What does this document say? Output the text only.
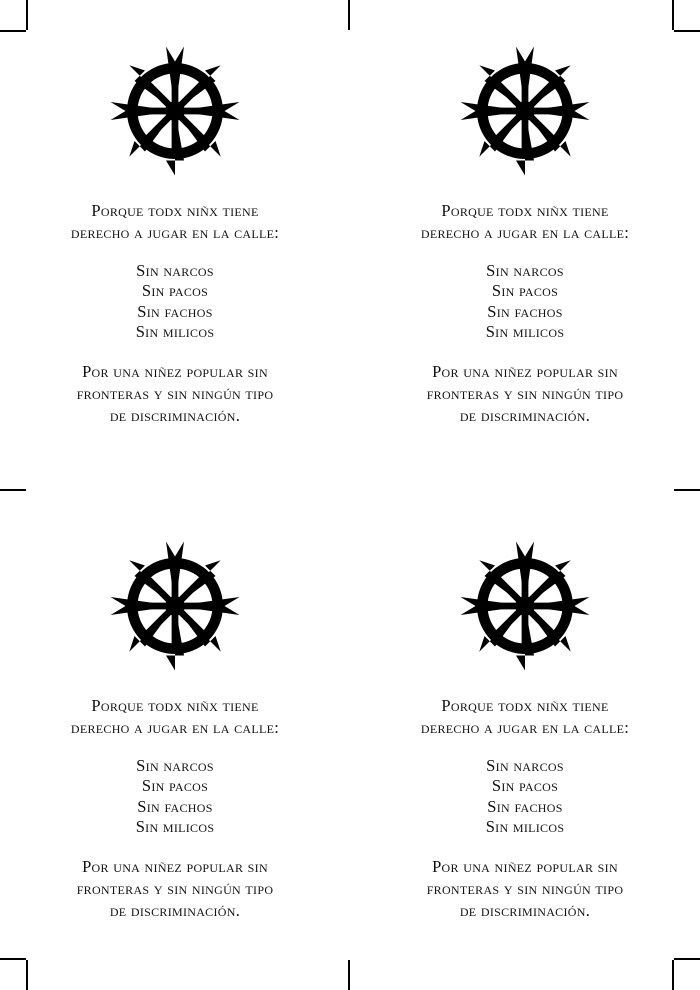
Porque todx niñx tiene
derecho a jugar en la calle:

Sin narcos
Sin pacos
Sin fachos
Sin milicos

Por una niñez popular sin
fronteras y sin ningún tipo
de discriminación.

Porque todx niñx tiene
derecho a jugar en la calle:

Sin narcos
Sin pacos
Sin fachos
Sin milicos

Por una niñez popular sin
fronteras y sin ningún tipo
de discriminación.

Porque todx niñx tiene
derecho a jugar en la calle:

Sin narcos
Sin pacos
Sin fachos
Sin milicos

Por una niñez popular sin
fronteras y sin ningún tipo
de discriminación.

Porque todx niñx tiene
derecho a jugar en la calle:

Sin narcos
Sin pacos
Sin fachos
Sin milicos

Por una niñez popular sin
fronteras y sin ningún tipo
de discriminación.
